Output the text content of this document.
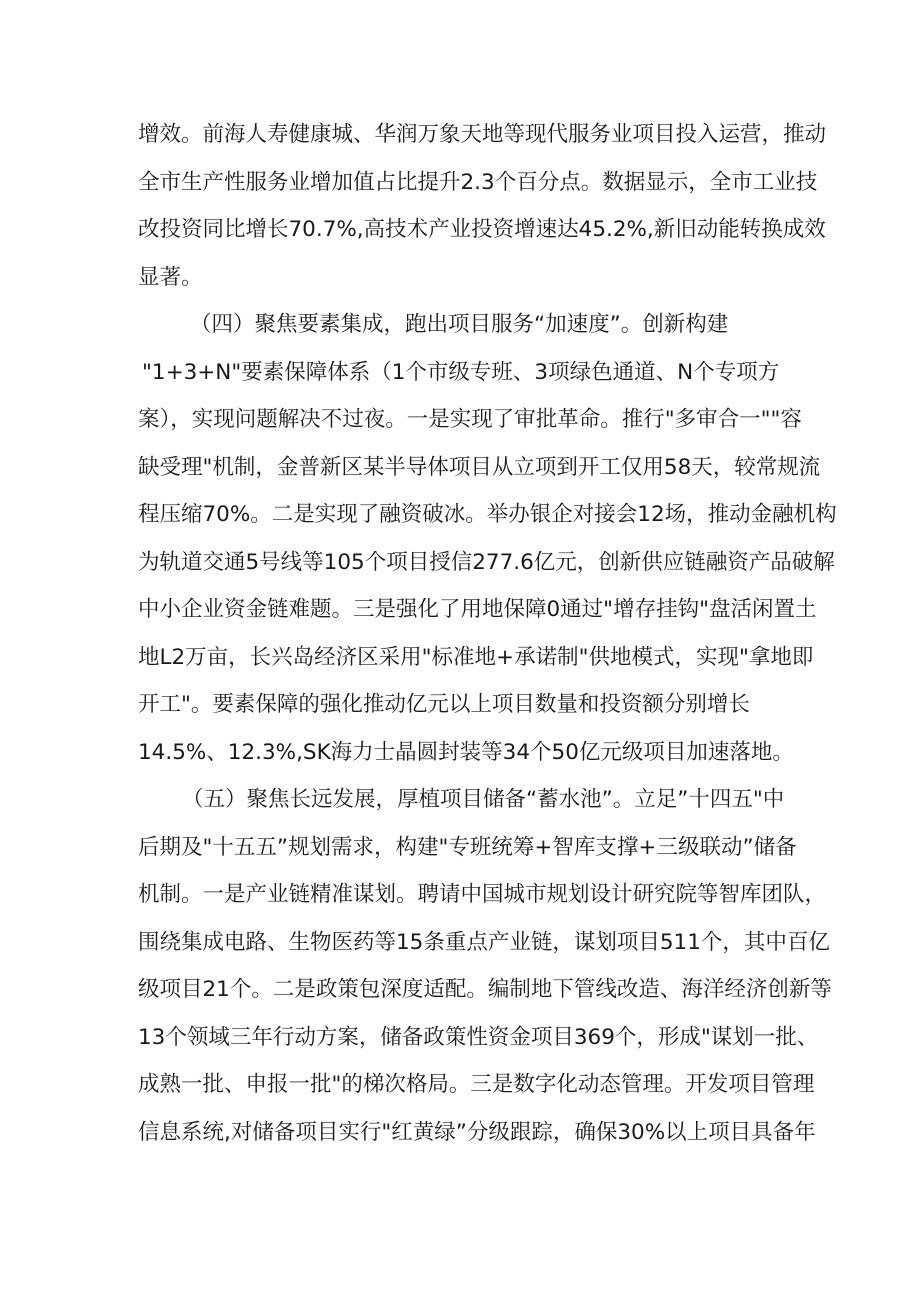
增效。前海人寿健康城、华润万象天地等现代服务业项目投入运营，推动
全市生产性服务业增加值占比提升2.3个百分点。数据显示，全市工业技
改投资同比增长70.7%,高技术产业投资增速达45.2%,新旧动能转换成效
显著。
（四）聚焦要素集成，跑出项目服务“加速度”。创新构建
"1+3+N"要素保障体系（1个市级专班、3项绿色通道、N个专项方
案），实现问题解决不过夜。一是实现了审批革命。推行"多审合一""容
缺受理"机制，金普新区某半导体项目从立项到开工仅用58天，较常规流
程压缩70%。二是实现了融资破冰。举办银企对接会12场，推动金融机构
为轨道交通5号线等105个项目授信277.6亿元，创新供应链融资产品破解
中小企业资金链难题。三是强化了用地保障0通过"增存挂钩"盘活闲置土
地L2万亩，长兴岛经济区采用"标准地+承诺制"供地模式，实现"拿地即
开工"。要素保障的强化推动亿元以上项目数量和投资额分别增长
14.5%、12.3%,SK海力士晶圆封装等34个50亿元级项目加速落地。
（五）聚焦长远发展，厚植项目储备“蓄水池”。立足”十四五"中
后期及"十五五”规划需求，构建"专班统筹+智库支撑+三级联动”储备
机制。一是产业链精准谋划。聘请中国城市规划设计研究院等智库团队，
围绕集成电路、生物医药等15条重点产业链，谋划项目511个，其中百亿
级项目21个。二是政策包深度适配。编制地下管线改造、海洋经济创新等
13个领域三年行动方案，储备政策性资金项目369个，形成"谋划一批、
成熟一批、申报一批"的梯次格局。三是数字化动态管理。开发项目管理
信息系统,对储备项目实行"红黄绿”分级跟踪，确保30%以上项目具备年
